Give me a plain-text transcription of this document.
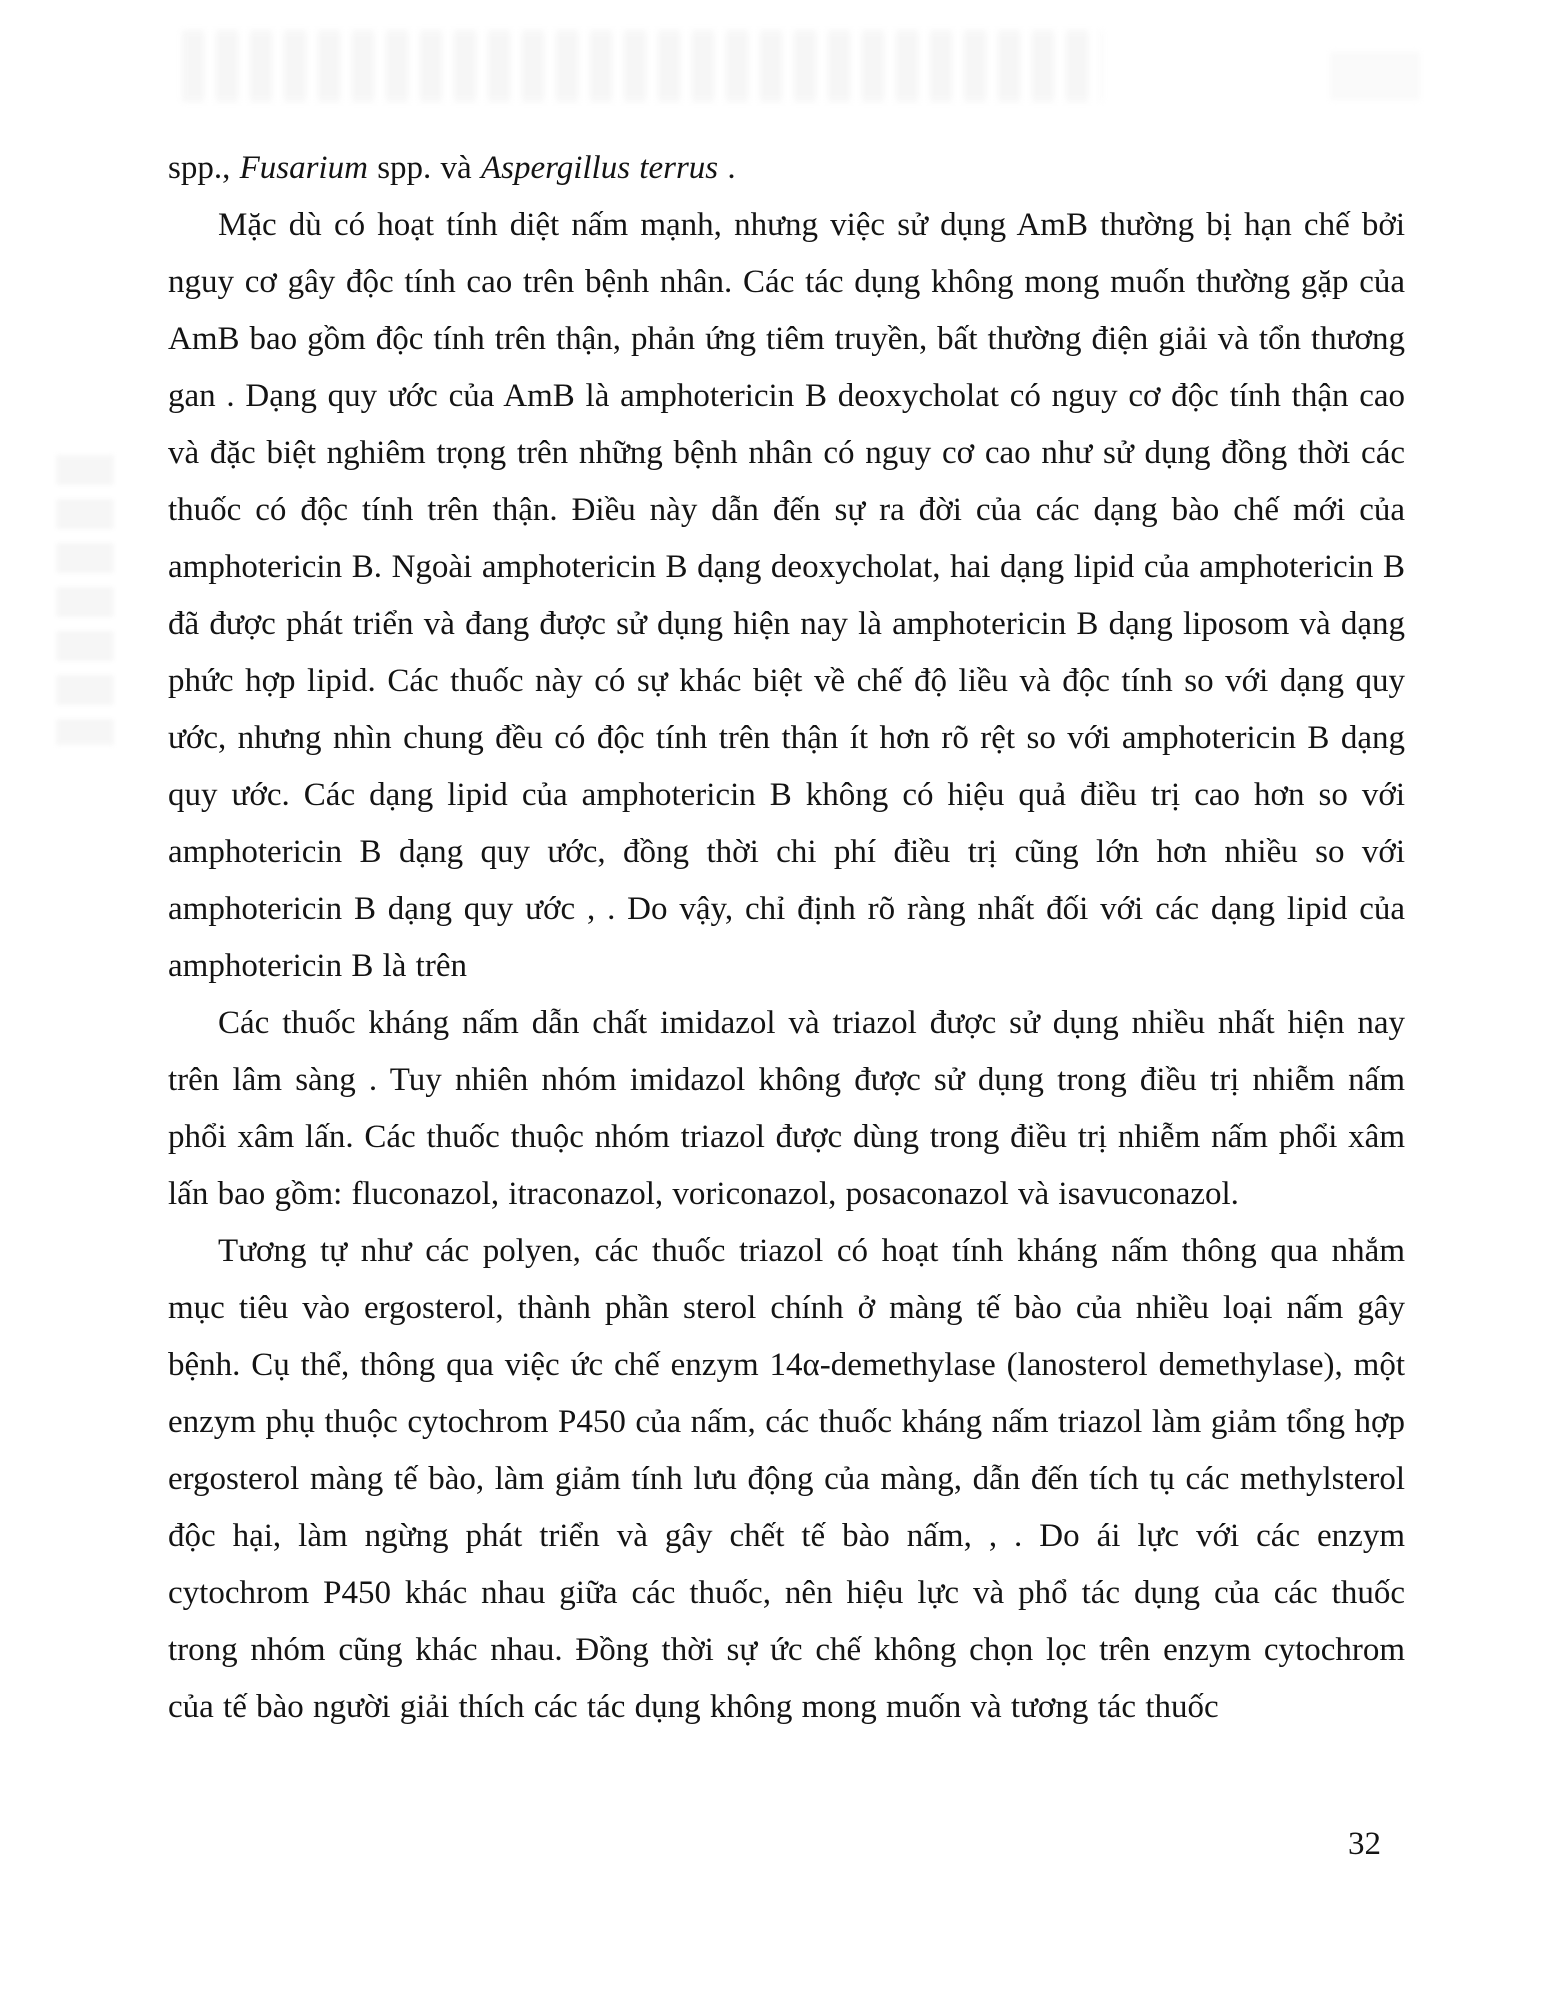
spp., Fusarium spp. và Aspergillus terrus .

Mặc dù có hoạt tính diệt nấm mạnh, nhưng việc sử dụng AmB thường bị hạn chế bởi nguy cơ gây độc tính cao trên bệnh nhân. Các tác dụng không mong muốn thường gặp của AmB bao gồm độc tính trên thận, phản ứng tiêm truyền, bất thường điện giải và tổn thương gan . Dạng quy ước của AmB là amphotericin B deoxycholat có nguy cơ độc tính thận cao và đặc biệt nghiêm trọng trên những bệnh nhân có nguy cơ cao như sử dụng đồng thời các thuốc có độc tính trên thận. Điều này dẫn đến sự ra đời của các dạng bào chế mới của amphotericin B. Ngoài amphotericin B dạng deoxycholat, hai dạng lipid của amphotericin B đã được phát triển và đang được sử dụng hiện nay là amphotericin B dạng liposom và dạng phức hợp lipid. Các thuốc này có sự khác biệt về chế độ liều và độc tính so với dạng quy ước, nhưng nhìn chung đều có độc tính trên thận ít hơn rõ rệt so với amphotericin B dạng quy ước. Các dạng lipid của amphotericin B không có hiệu quả điều trị cao hơn so với amphotericin B dạng quy ước, đồng thời chi phí điều trị cũng lớn hơn nhiều so với amphotericin B dạng quy ước , . Do vậy, chỉ định rõ ràng nhất đối với các dạng lipid của amphotericin B là trên

Các thuốc kháng nấm dẫn chất imidazol và triazol được sử dụng nhiều nhất hiện nay trên lâm sàng . Tuy nhiên nhóm imidazol không được sử dụng trong điều trị nhiễm nấm phổi xâm lấn. Các thuốc thuộc nhóm triazol được dùng trong điều trị nhiễm nấm phổi xâm lấn bao gồm: fluconazol, itraconazol, voriconazol, posaconazol và isavuconazol.

Tương tự như các polyen, các thuốc triazol có hoạt tính kháng nấm thông qua nhắm mục tiêu vào ergosterol, thành phần sterol chính ở màng tế bào của nhiều loại nấm gây bệnh. Cụ thể, thông qua việc ức chế enzym 14α-demethylase (lanosterol demethylase), một enzym phụ thuộc cytochrom P450 của nấm, các thuốc kháng nấm triazol làm giảm tổng hợp ergosterol màng tế bào, làm giảm tính lưu động của màng, dẫn đến tích tụ các methylsterol độc hại, làm ngừng phát triển và gây chết tế bào nấm, , . Do ái lực với các enzym cytochrom P450 khác nhau giữa các thuốc, nên hiệu lực và phổ tác dụng của các thuốc trong nhóm cũng khác nhau. Đồng thời sự ức chế không chọn lọc trên enzym cytochrom của tế bào người giải thích các tác dụng không mong muốn và tương tác thuốc

32
